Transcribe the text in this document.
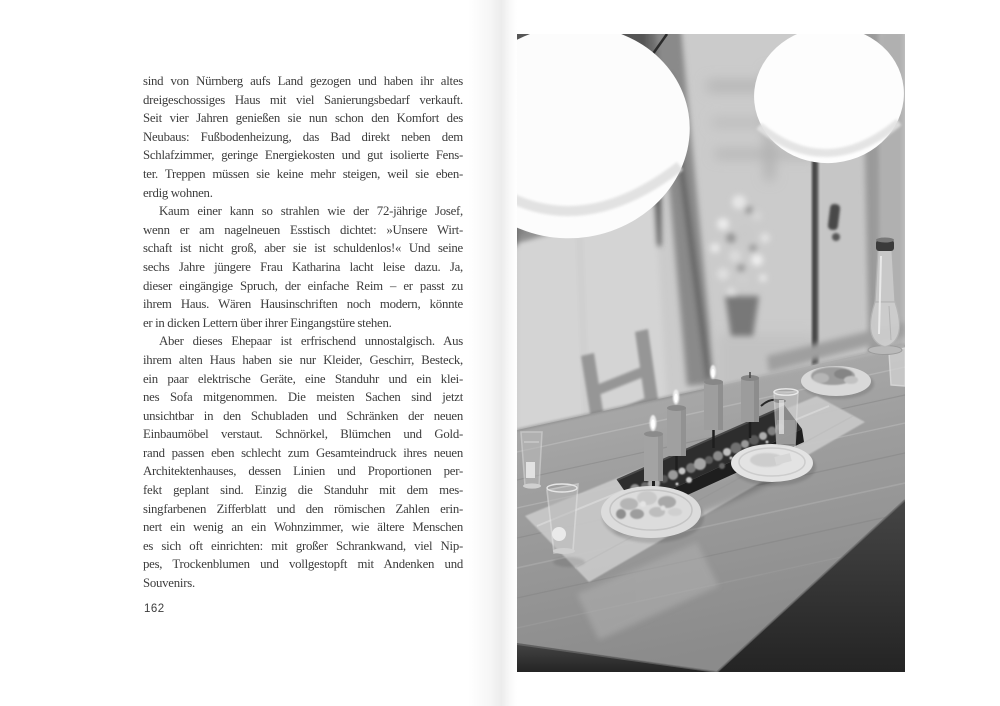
sind von Nürnberg aufs Land gezogen und haben ihr altes
dreigeschossiges Haus mit viel Sanierungsbedarf verkauft.
Seit vier Jahren genießen sie nun schon den Komfort des
Neubaus: Fußbodenheizung, das Bad direkt neben dem
Schlafzimmer, geringe Energiekosten und gut isolierte Fens-
ter. Treppen müssen sie keine mehr steigen, weil sie eben-
erdig wohnen.
Kaum einer kann so strahlen wie der 72-jährige Josef,
wenn er am nagelneuen Esstisch dichtet: »Unsere Wirt-
schaft ist nicht groß, aber sie ist schuldenlos!« Und seine
sechs Jahre jüngere Frau Katharina lacht leise dazu. Ja,
dieser eingängige Spruch, der einfache Reim – er passt zu
ihrem Haus. Wären Hausinschriften noch modern, könnte
er in dicken Lettern über ihrer Eingangstüre stehen.
Aber dieses Ehepaar ist erfrischend unnostalgisch. Aus
ihrem alten Haus haben sie nur Kleider, Geschirr, Besteck,
ein paar elektrische Geräte, eine Standuhr und ein klei-
nes Sofa mitgenommen. Die meisten Sachen sind jetzt
unsichtbar in den Schubladen und Schränken der neuen
Einbaumöbel verstaut. Schnörkel, Blümchen und Gold-
rand passen eben schlecht zum Gesamteindruck ihres neuen
Architektenhauses, dessen Linien und Proportionen per-
fekt geplant sind. Einzig die Standuhr mit dem mes-
singfarbenen Zifferblatt und den römischen Zahlen erin-
nert ein wenig an ein Wohnzimmer, wie ältere Menschen
es sich oft einrichten: mit großer Schrankwand, viel Nip-
pes, Trockenblumen und vollgestopft mit Andenken und
Souvenirs.
162
